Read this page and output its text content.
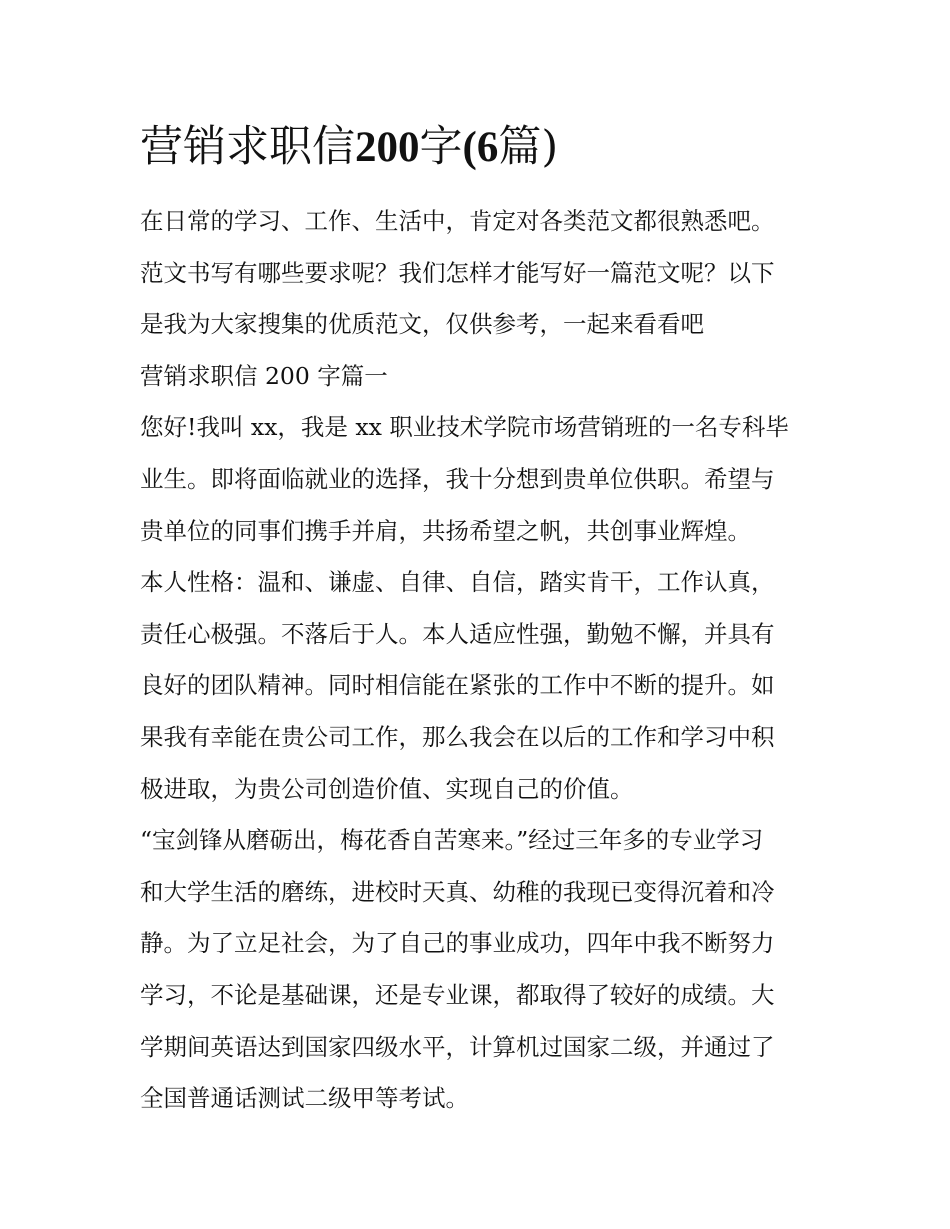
营销求职信200字(6篇)
在日常的学习、工作、生活中，肯定对各类范文都很熟悉吧。
范文书写有哪些要求呢？我们怎样才能写好一篇范文呢？以下
是我为大家搜集的优质范文，仅供参考，一起来看看吧
营销求职信 200 字篇一
您好!我叫 xx，我是 xx 职业技术学院市场营销班的一名专科毕
业生。即将面临就业的选择，我十分想到贵单位供职。希望与
贵单位的同事们携手并肩，共扬希望之帆，共创事业辉煌。
本人性格：温和、谦虚、自律、自信，踏实肯干，工作认真，
责任心极强。不落后于人。本人适应性强，勤勉不懈，并具有
良好的团队精神。同时相信能在紧张的工作中不断的提升。如
果我有幸能在贵公司工作，那么我会在以后的工作和学习中积
极进取，为贵公司创造价值、实现自己的价值。
“宝剑锋从磨砺出，梅花香自苦寒来。”经过三年多的专业学习
和大学生活的磨练，进校时天真、幼稚的我现已变得沉着和冷
静。为了立足社会，为了自己的事业成功，四年中我不断努力
学习，不论是基础课，还是专业课，都取得了较好的成绩。大
学期间英语达到国家四级水平，计算机过国家二级，并通过了
全国普通话测试二级甲等考试。
